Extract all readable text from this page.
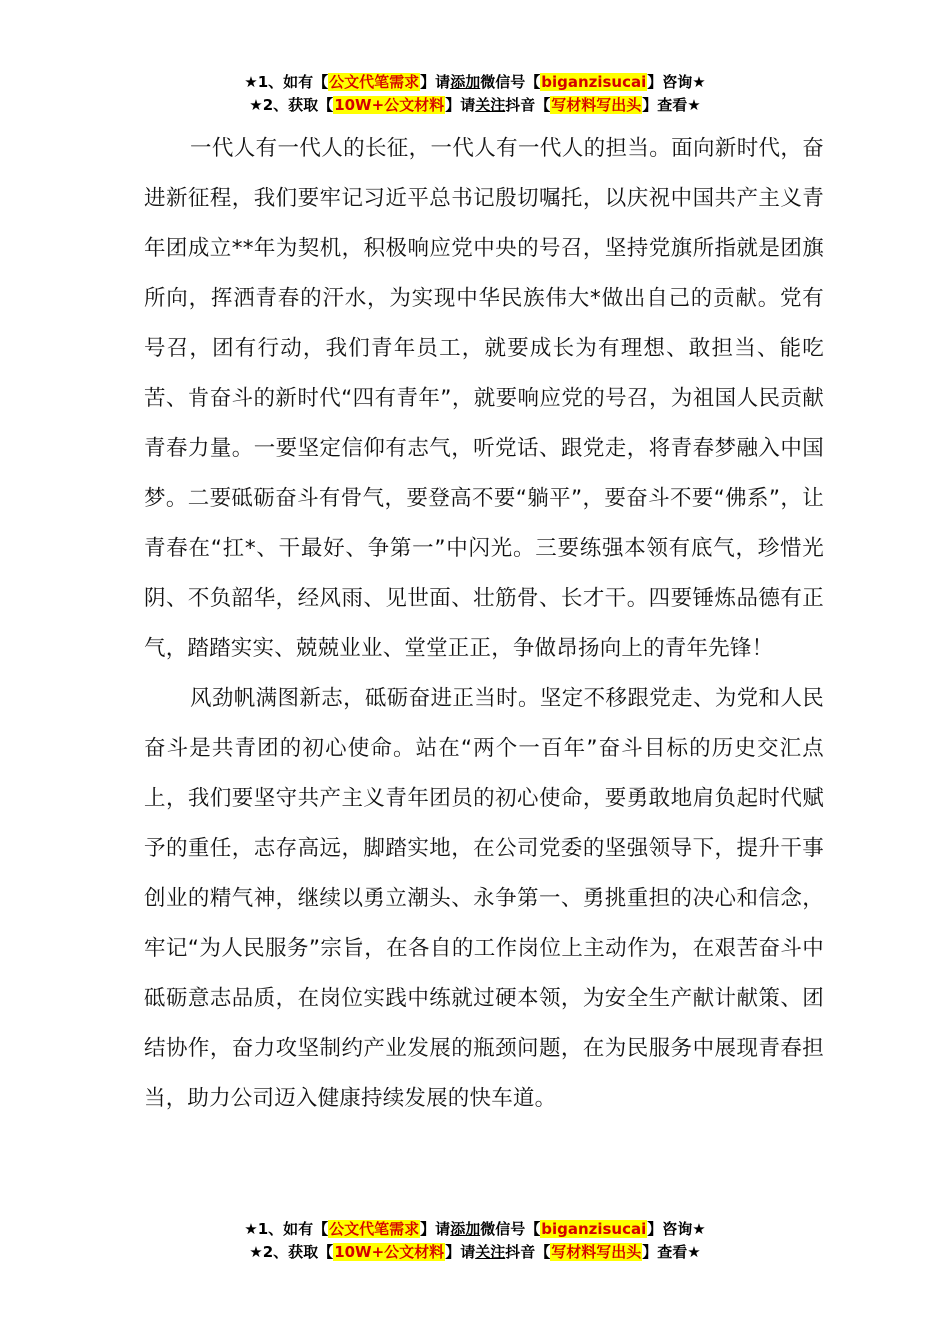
★1、如有【公文代笔需求】请添加微信号【biganzisucai】咨询★
★2、获取【10W+公文材料】请关注抖音【写材料写出头】查看★

一代人有一代人的长征，一代人有一代人的担当。面向新时代，奋进新征程，我们要牢记习近平总书记殷切嘱托，以庆祝中国共产主义青年团成立**年为契机，积极响应党中央的号召，坚持党旗所指就是团旗所向，挥洒青春的汗水，为实现中华民族伟大*做出自己的贡献。党有号召，团有行动，我们青年员工，就要成长为有理想、敢担当、能吃苦、肯奋斗的新时代“四有青年”，就要响应党的号召，为祖国人民贡献青春力量。一要坚定信仰有志气，听党话、跟党走，将青春梦融入中国梦。二要砥砺奋斗有骨气，要登高不要“躺平”，要奋斗不要“佛系”，让青春在“扛*、干最好、争第一”中闪光。三要练强本领有底气，珍惜光阴、不负韶华，经风雨、见世面、壮筋骨、长才干。四要锤炼品德有正气，踏踏实实、兢兢业业、堂堂正正，争做昂扬向上的青年先锋！

风劲帆满图新志，砥砺奋进正当时。坚定不移跟党走、为党和人民奋斗是共青团的初心使命。站在“两个一百年”奋斗目标的历史交汇点上，我们要坚守共产主义青年团员的初心使命，要勇敢地肩负起时代赋予的重任，志存高远，脚踏实地，在公司党委的坚强领导下，提升干事创业的精气神，继续以勇立潮头、永争第一、勇挑重担的决心和信念，牢记“为人民服务”宗旨，在各自的工作岗位上主动作为，在艰苦奋斗中砥砺意志品质，在岗位实践中练就过硬本领，为安全生产献计献策、团结协作，奋力攻坚制约产业发展的瓶颈问题，在为民服务中展现青春担当，助力公司迈入健康持续发展的快车道。

★1、如有【公文代笔需求】请添加微信号【biganzisucai】咨询★
★2、获取【10W+公文材料】请关注抖音【写材料写出头】查看★
